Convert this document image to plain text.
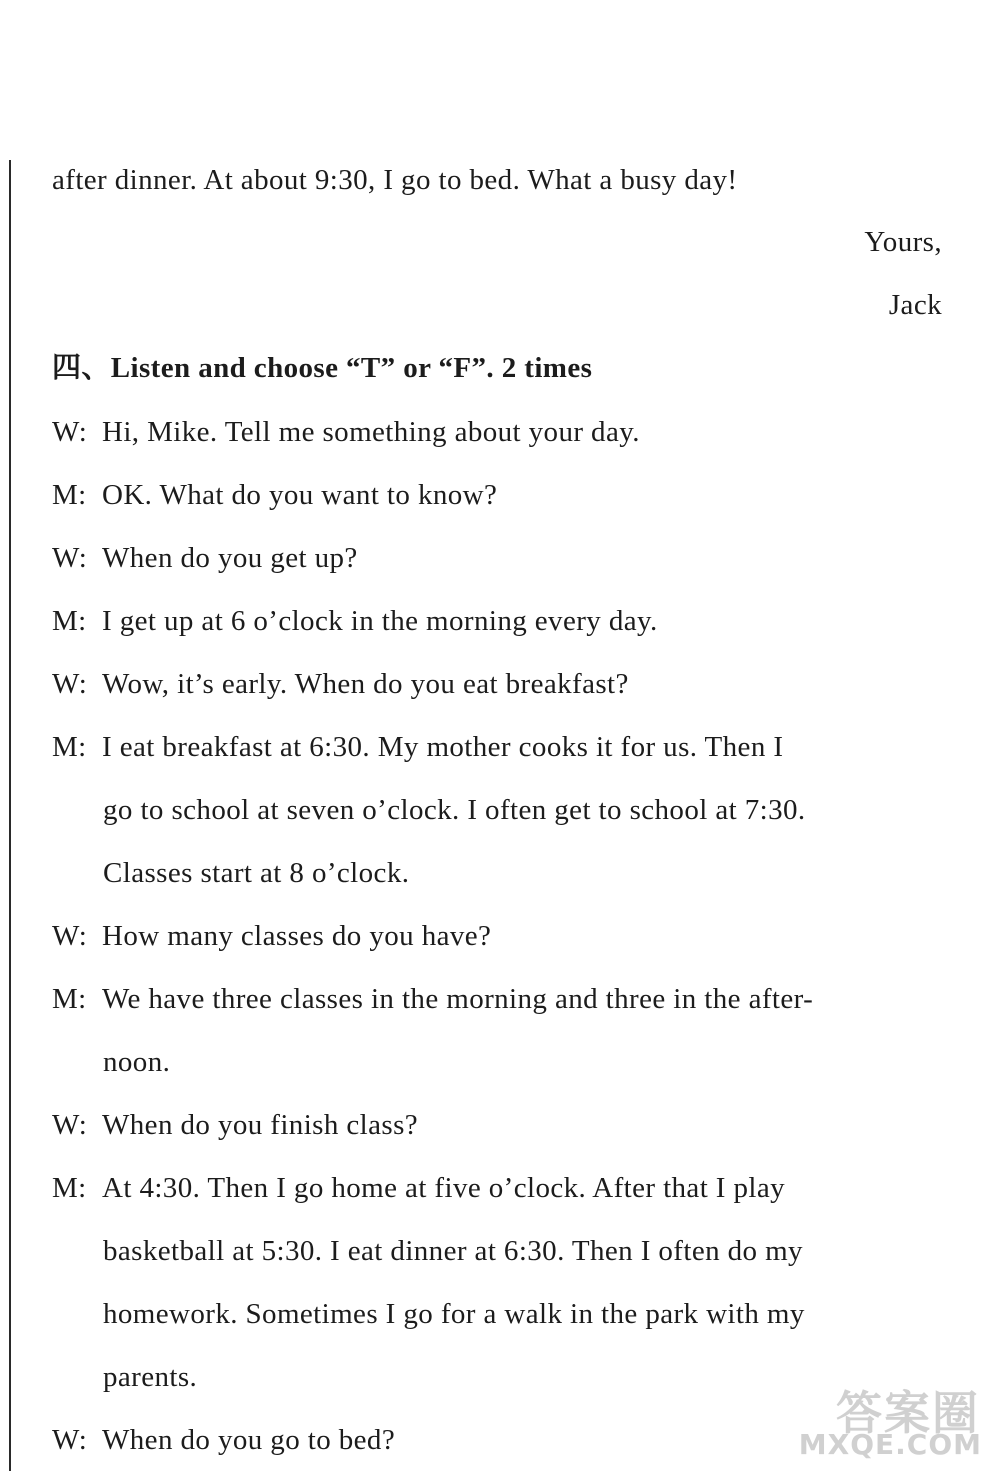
after dinner. At about 9:30, I go to bed. What a busy day!
Yours,
Jack
四、Listen and choose “T” or “F”. 2 times
W: Hi, Mike. Tell me something about your day.
M: OK. What do you want to know?
W: When do you get up?
M: I get up at 6 o’clock in the morning every day.
W: Wow, it’s early. When do you eat breakfast?
M: I eat breakfast at 6:30. My mother cooks it for us. Then I
go to school at seven o’clock. I often get to school at 7:30.
Classes start at 8 o’clock.
W: How many classes do you have?
M: We have three classes in the morning and three in the after-
noon.
W: When do you finish class?
M: At 4:30. Then I go home at five o’clock. After that I play
basketball at 5:30. I eat dinner at 6:30. Then I often do my
homework. Sometimes I go for a walk in the park with my
parents.
W: When do you go to bed?	答案圈
MXQE.COM
